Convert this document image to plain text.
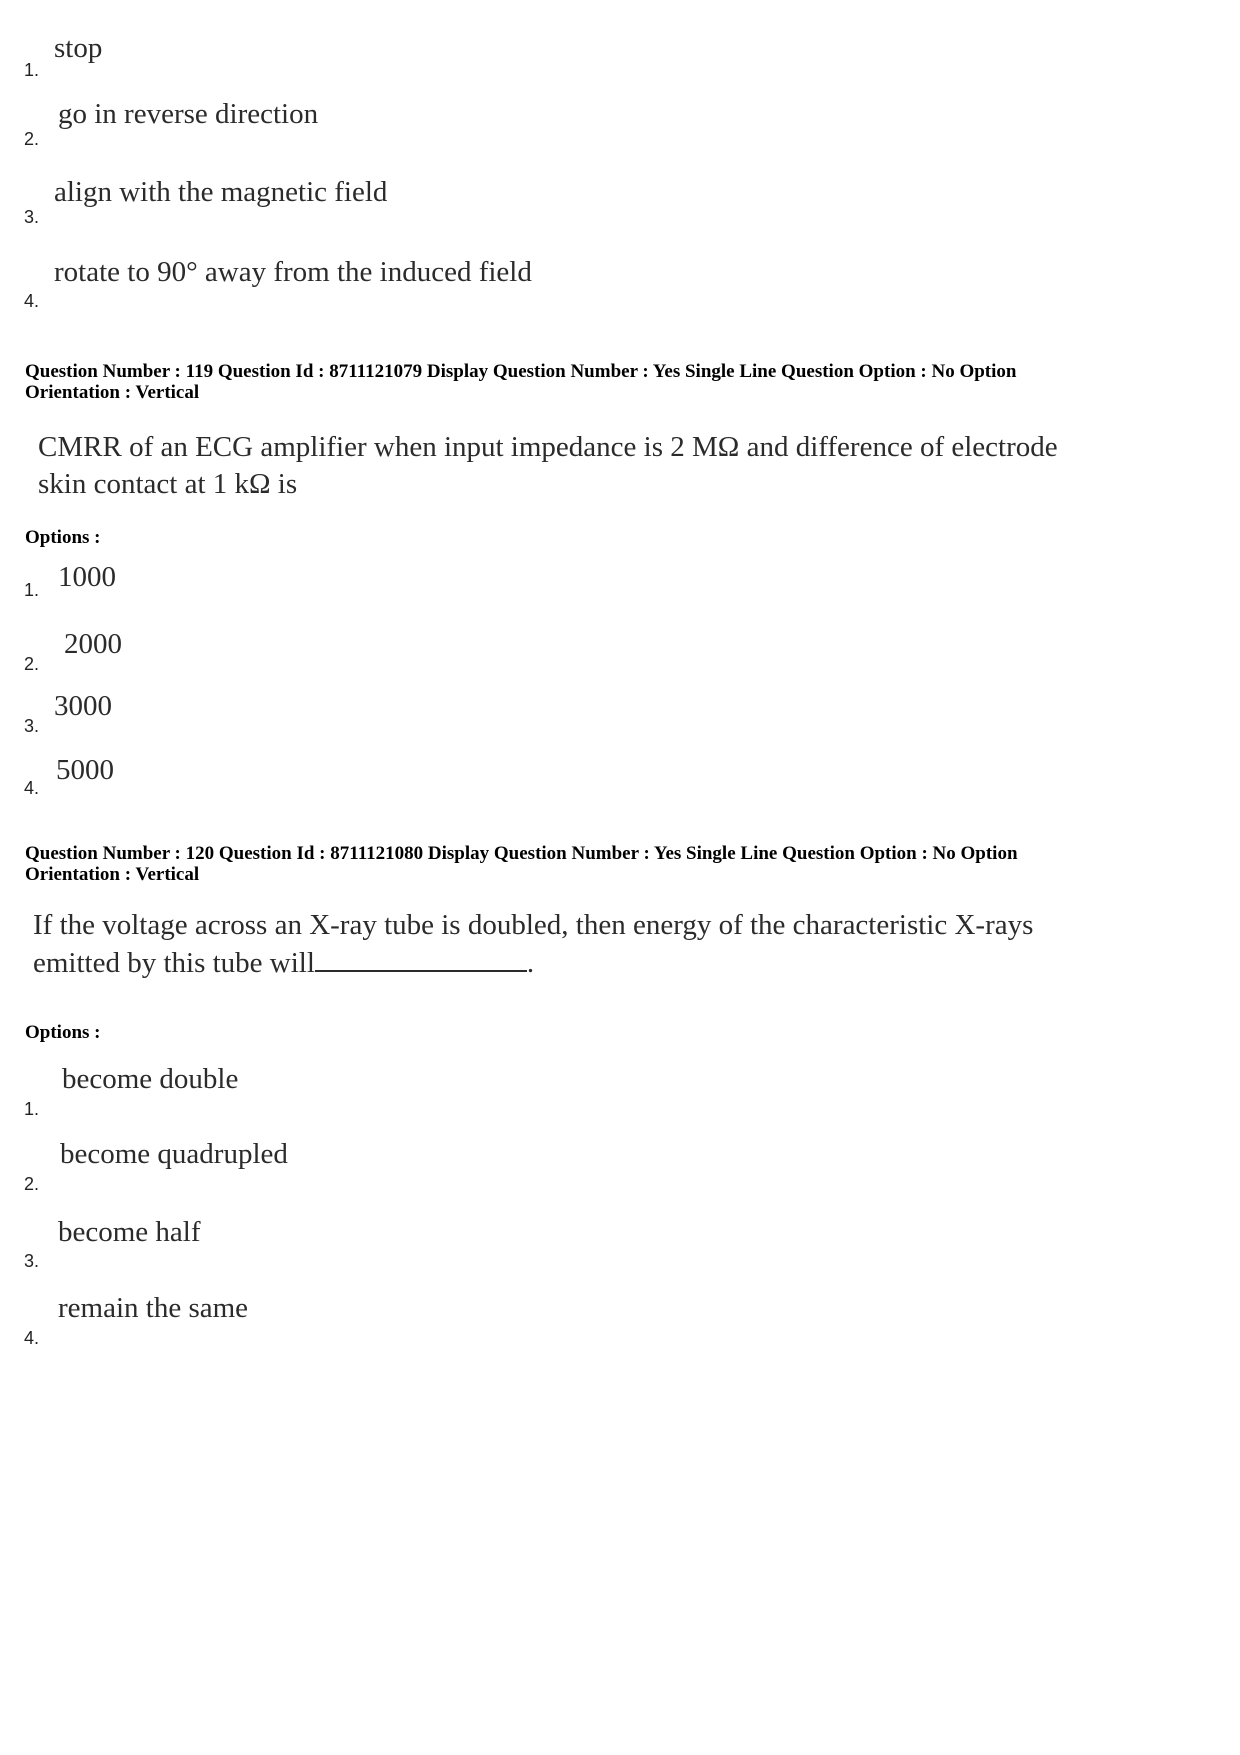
stop
1.
go in reverse direction
2.
align with the magnetic field
3.
rotate to 90° away from the induced field
4.
Question Number : 119 Question Id : 8711121079 Display Question Number : Yes Single Line Question Option : No Option
Orientation : Vertical
CMRR of an ECG amplifier when input impedance is 2 MΩ and difference of electrode
skin contact at 1 kΩ is
Options :
1000
1.
2000
2.
3000
3.
5000
4.
Question Number : 120 Question Id : 8711121080 Display Question Number : Yes Single Line Question Option : No Option
Orientation : Vertical
If the voltage across an X-ray tube is doubled, then energy of the characteristic X-rays
emitted by this tube will	.
Options :
become double
1.
become quadrupled
2.
become half
3.
remain the same
4.
